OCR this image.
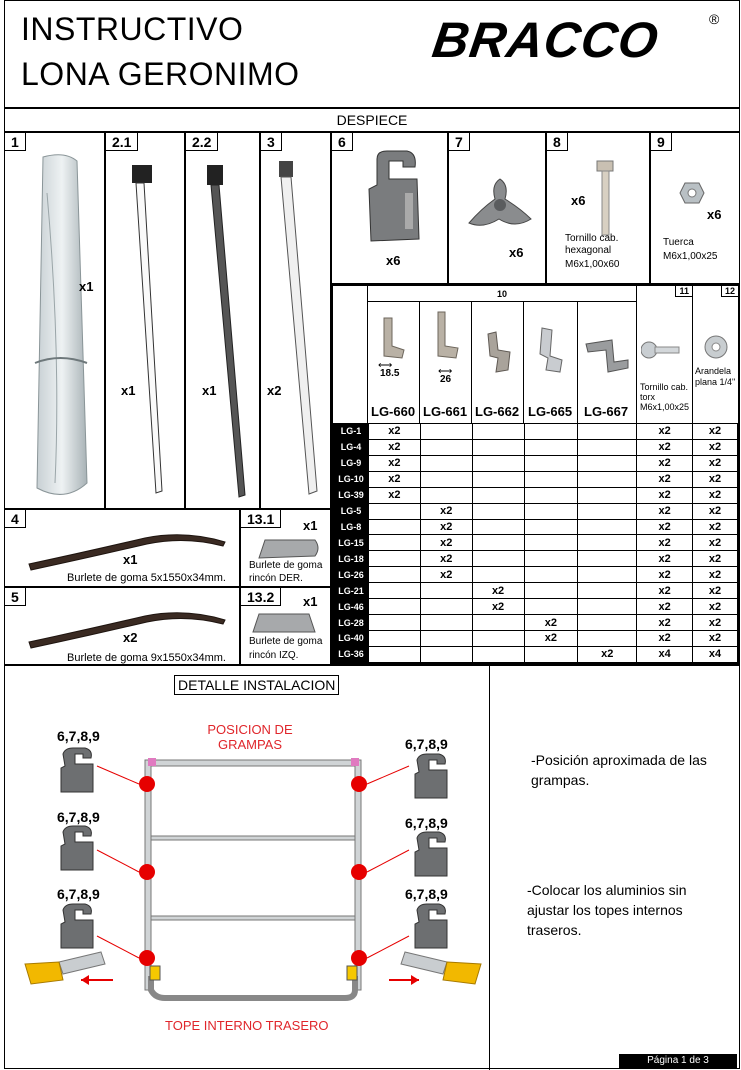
INSTRUCTIVO
LONA GERONIMO
BRACCO	®
DESPIECE
1
x1
2.1
x1
2.2
x1
3
x2
6
x6
7
x6
8
x6
Tornillo cab.
hexagonal
M6x1,00x60
9
x6
Tuerca
M6x1,00x25
4
x1
Burlete de goma 5x1550x34mm.
13.1	x1
Burlete de goma
rincón DER.
5
x2
Burlete de goma 9x1550x34mm.
13.2	x1
Burlete de goma
rincón IZQ.
10	11
Tornillo cab.
torx
M6x1,00x25
12
Arandela
plana 1/4"
⟷
18.5
LG-660
⟷
26
LG-661 LG-662 LG-665 LG-667
LG-1	x2					x2	x2
LG-4	x2					x2	x2
LG-9	x2					x2	x2
LG-10	x2					x2	x2
LG-39	x2					x2	x2
LG-5		x2				x2	x2
LG-8		x2				x2	x2
LG-15		x2				x2	x2
LG-18		x2				x2	x2
LG-26		x2				x2	x2
LG-21			x2			x2	x2
LG-46			x2			x2	x2
LG-28				x2		x2	x2
LG-40				x2		x2	x2
LG-36					x2	x4	x4
DETALLE INSTALACION
POSICION DE
GRAMPAS
6,7,8,9
6,7,8,9
6,7,8,9
6,7,8,9
6,7,8,9
6,7,8,9
TOPE INTERNO TRASERO
-Posición aproximada de las grampas.
-Colocar los aluminios sin ajustar los topes internos traseros.
Página 1 de 3
